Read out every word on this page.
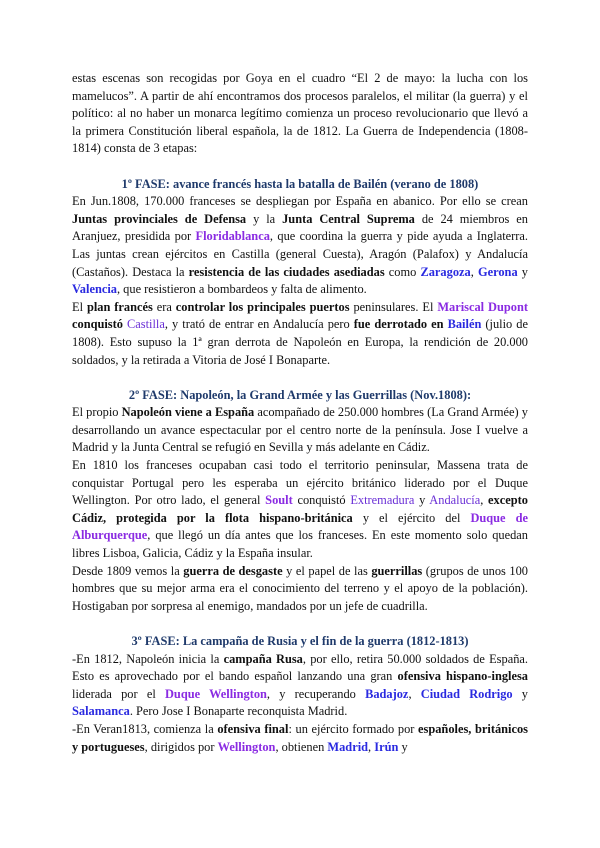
estas escenas son recogidas por Goya en el cuadro “El 2 de mayo: la lucha con los mamelucos”. A partir de ahí encontramos dos procesos paralelos, el militar (la guerra) y el político: al no haber un monarca legítimo comienza un proceso revolucionario que llevó a la primera Constitución liberal española, la de 1812. La Guerra de Independencia (1808-1814) consta de 3 etapas:

1º FASE: avance francés hasta la batalla de Bailén (verano de 1808)

En Jun.1808, 170.000 franceses se despliegan por España en abanico. Por ello se crean Juntas provinciales de Defensa y la Junta Central Suprema de 24 miembros en Aranjuez, presidida por Floridablanca, que coordina la guerra y pide ayuda a Inglaterra. Las juntas crean ejércitos en Castilla (general Cuesta), Aragón (Palafox) y Andalucía (Castaños). Destaca la resistencia de las ciudades asediadas como Zaragoza, Gerona y Valencia, que resistieron a bombardeos y falta de alimento.

El plan francés era controlar los principales puertos peninsulares. El Mariscal Dupont conquistó Castilla, y trató de entrar en Andalucía pero fue derrotado en Bailén (julio de 1808). Esto supuso la 1ª gran derrota de Napoleón en Europa, la rendición de 20.000 soldados, y la retirada a Vitoria de José I Bonaparte.

2º FASE: Napoleón, la Grand Armée y las Guerrillas (Nov.1808):

El propio Napoleón viene a España acompañado de 250.000 hombres (La Grand Armée) y desarrollando un avance espectacular por el centro norte de la península. Jose I vuelve a Madrid y la Junta Central se refugió en Sevilla y más adelante en Cádiz.

En 1810 los franceses ocupaban casi todo el territorio peninsular, Massena trata de conquistar Portugal pero les esperaba un ejército británico liderado por el Duque Wellington. Por otro lado, el general Soult conquistó Extremadura y Andalucía, excepto Cádiz, protegida por la flota hispano-británica y el ejército del Duque de Alburquerque, que llegó un día antes que los franceses. En este momento solo quedan libres Lisboa, Galicia, Cádiz y la España insular.

Desde 1809 vemos la guerra de desgaste y el papel de las guerrillas (grupos de unos 100 hombres que su mejor arma era el conocimiento del terreno y el apoyo de la población). Hostigaban por sorpresa al enemigo, mandados por un jefe de cuadrilla.

3º FASE: La campaña de Rusia y el fin de la guerra (1812-1813)

-En 1812, Napoleón inicia la campaña Rusa, por ello, retira 50.000 soldados de España. Esto es aprovechado por el bando español lanzando una gran ofensiva hispano-inglesa liderada por el Duque Wellington, y recuperando Badajoz, Ciudad Rodrigo y Salamanca. Pero Jose I Bonaparte reconquista Madrid.

-En Veran1813, comienza la ofensiva final: un ejército formado por españoles, británicos y portugueses, dirigidos por Wellington, obtienen Madrid, Irún y
